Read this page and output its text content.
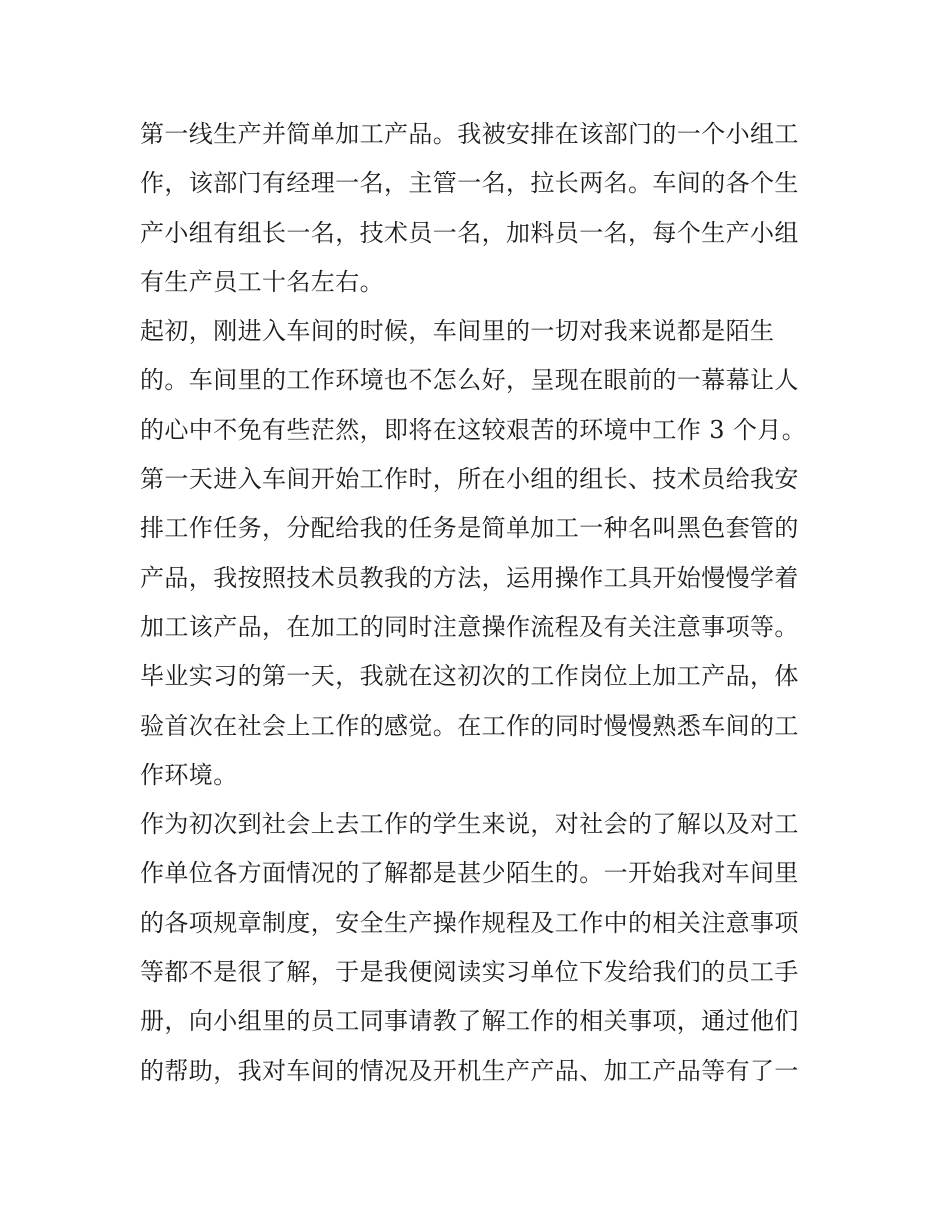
第一线生产并简单加工产品。我被安排在该部门的一个小组工
作，该部门有经理一名，主管一名，拉长两名。车间的各个生
产小组有组长一名，技术员一名，加料员一名，每个生产小组
有生产员工十名左右。
起初，刚进入车间的时候，车间里的一切对我来说都是陌生
的。车间里的工作环境也不怎么好，呈现在眼前的一幕幕让人
的心中不免有些茫然，即将在这较艰苦的环境中工作 3 个月。
第一天进入车间开始工作时，所在小组的组长、技术员给我安
排工作任务，分配给我的任务是简单加工一种名叫黑色套管的
产品，我按照技术员教我的方法，运用操作工具开始慢慢学着
加工该产品，在加工的同时注意操作流程及有关注意事项等。
毕业实习的第一天，我就在这初次的工作岗位上加工产品，体
验首次在社会上工作的感觉。在工作的同时慢慢熟悉车间的工
作环境。
作为初次到社会上去工作的学生来说，对社会的了解以及对工
作单位各方面情况的了解都是甚少陌生的。一开始我对车间里
的各项规章制度，安全生产操作规程及工作中的相关注意事项
等都不是很了解，于是我便阅读实习单位下发给我们的员工手
册，向小组里的员工同事请教了解工作的相关事项，通过他们
的帮助，我对车间的情况及开机生产产品、加工产品等有了一
